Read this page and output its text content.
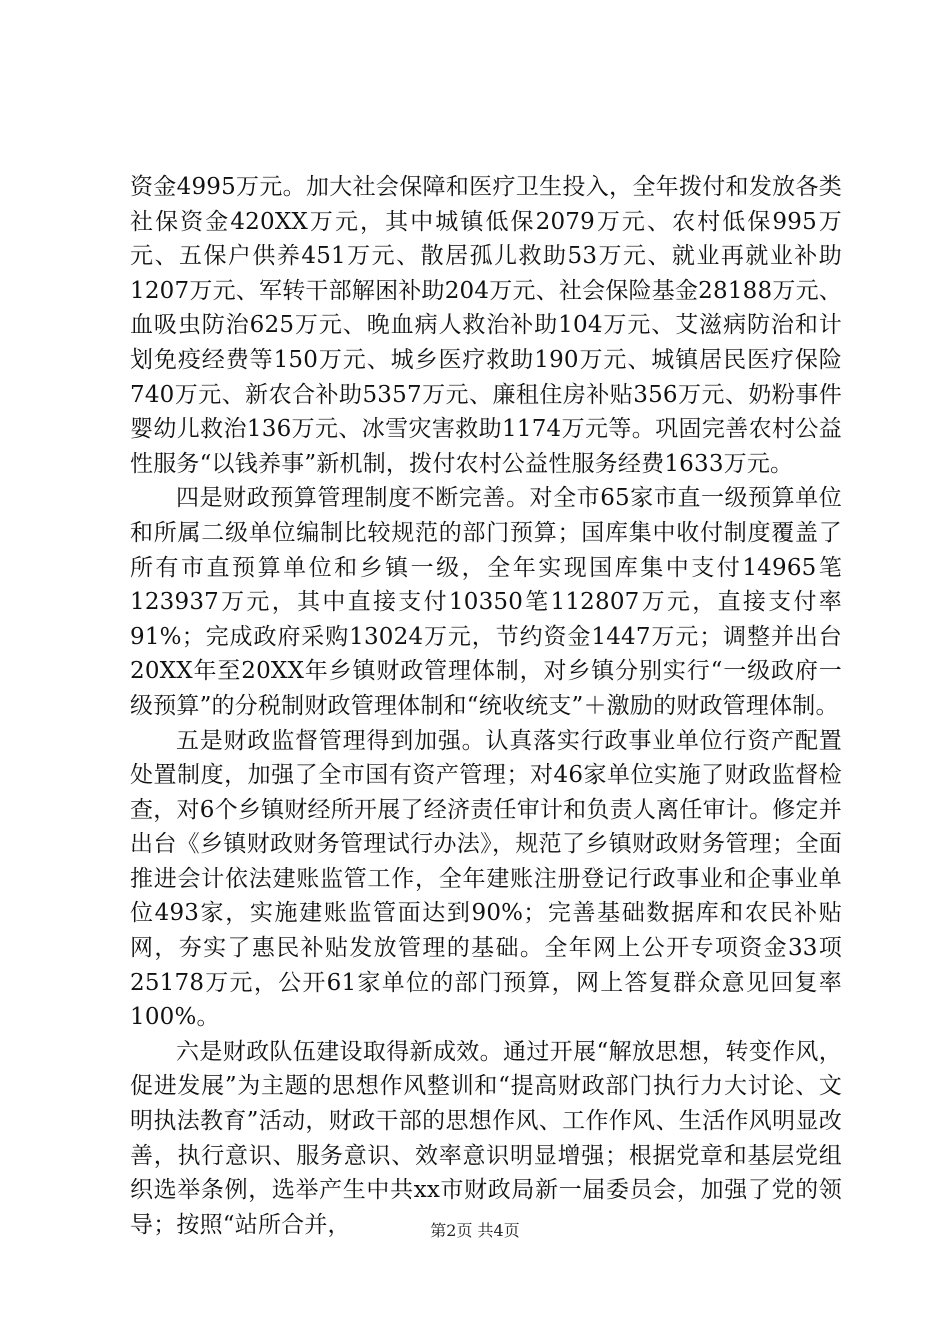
资金4995万元。加大社会保障和医疗卫生投入，全年拨付和发放各类社保资金420XX万元，其中城镇低保2079万元、农村低保995万元、五保户供养451万元、散居孤儿救助53万元、就业再就业补助1207万元、军转干部解困补助204万元、社会保险基金28188万元、血吸虫防治625万元、晚血病人救治补助104万元、艾滋病防治和计划免疫经费等150万元、城乡医疗救助190万元、城镇居民医疗保险740万元、新农合补助5357万元、廉租住房补贴356万元、奶粉事件婴幼儿救治136万元、冰雪灾害救助1174万元等。巩固完善农村公益性服务“以钱养事”新机制，拨付农村公益性服务经费1633万元。

四是财政预算管理制度不断完善。对全市65家市直一级预算单位和所属二级单位编制比较规范的部门预算；国库集中收付制度覆盖了所有市直预算单位和乡镇一级，全年实现国库集中支付14965笔123937万元，其中直接支付10350笔112807万元，直接支付率91%；完成政府采购13024万元，节约资金1447万元；调整并出台20XX年至20XX年乡镇财政管理体制，对乡镇分别实行“一级政府一级预算”的分税制财政管理体制和“统收统支”＋激励的财政管理体制。

五是财政监督管理得到加强。认真落实行政事业单位行资产配置处置制度，加强了全市国有资产管理；对46家单位实施了财政监督检查，对6个乡镇财经所开展了经济责任审计和负责人离任审计。修定并出台《乡镇财政财务管理试行办法》，规范了乡镇财政财务管理；全面推进会计依法建账监管工作，全年建账注册登记行政事业和企事业单位493家，实施建账监管面达到90%；完善基础数据库和农民补贴网，夯实了惠民补贴发放管理的基础。全年网上公开专项资金33项25178万元，公开61家单位的部门预算，网上答复群众意见回复率100%。

六是财政队伍建设取得新成效。通过开展“解放思想，转变作风，促进发展”为主题的思想作风整训和“提高财政部门执行力大讨论、文明执法教育”活动，财政干部的思想作风、工作作风、生活作风明显改善，执行意识、服务意识、效率意识明显增强；根据党章和基层党组织选举条例，选举产生中共xx市财政局新一届委员会，加强了党的领导；按照“站所合并，	第2页 共4页
